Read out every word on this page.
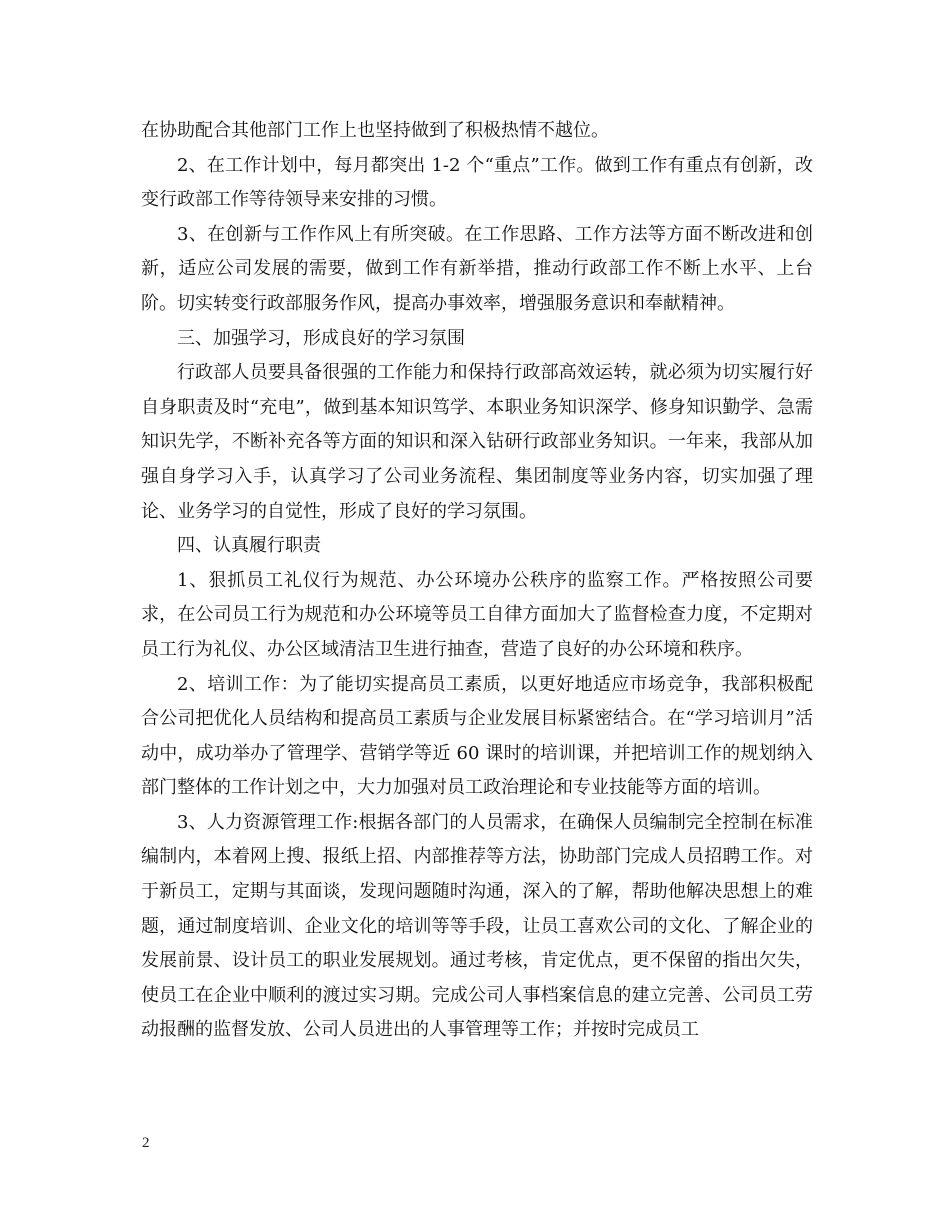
在协助配合其他部门工作上也坚持做到了积极热情不越位。

2、在工作计划中，每月都突出 1-2 个“重点”工作。做到工作有重点有创新，改变行政部工作等待领导来安排的习惯。

3、在创新与工作作风上有所突破。在工作思路、工作方法等方面不断改进和创新，适应公司发展的需要，做到工作有新举措，推动行政部工作不断上水平、上台阶。切实转变行政部服务作风，提高办事效率，增强服务意识和奉献精神。

三、加强学习，形成良好的学习氛围

行政部人员要具备很强的工作能力和保持行政部高效运转，就必须为切实履行好自身职责及时“充电”，做到基本知识笃学、本职业务知识深学、修身知识勤学、急需知识先学，不断补充各等方面的知识和深入钻研行政部业务知识。一年来，我部从加强自身学习入手，认真学习了公司业务流程、集团制度等业务内容，切实加强了理论、业务学习的自觉性，形成了良好的学习氛围。

四、认真履行职责

1、狠抓员工礼仪行为规范、办公环境办公秩序的监察工作。严格按照公司要求，在公司员工行为规范和办公环境等员工自律方面加大了监督检查力度，不定期对员工行为礼仪、办公区域清洁卫生进行抽查，营造了良好的办公环境和秩序。

2、培训工作：为了能切实提高员工素质，以更好地适应市场竞争，我部积极配合公司把优化人员结构和提高员工素质与企业发展目标紧密结合。在“学习培训月”活动中，成功举办了管理学、营销学等近 60 课时的培训课，并把培训工作的规划纳入部门整体的工作计划之中，大力加强对员工政治理论和专业技能等方面的培训。

3、人力资源管理工作:根据各部门的人员需求，在确保人员编制完全控制在标准编制内，本着网上搜、报纸上招、内部推荐等方法，协助部门完成人员招聘工作。对于新员工，定期与其面谈，发现问题随时沟通，深入的了解，帮助他解决思想上的难题，通过制度培训、企业文化的培训等等手段，让员工喜欢公司的文化、了解企业的发展前景、设计员工的职业发展规划。通过考核，肯定优点，更不保留的指出欠失，使员工在企业中顺利的渡过实习期。完成公司人事档案信息的建立完善、公司员工劳动报酬的监督发放、公司人员进出的人事管理等工作；并按时完成员工

2
